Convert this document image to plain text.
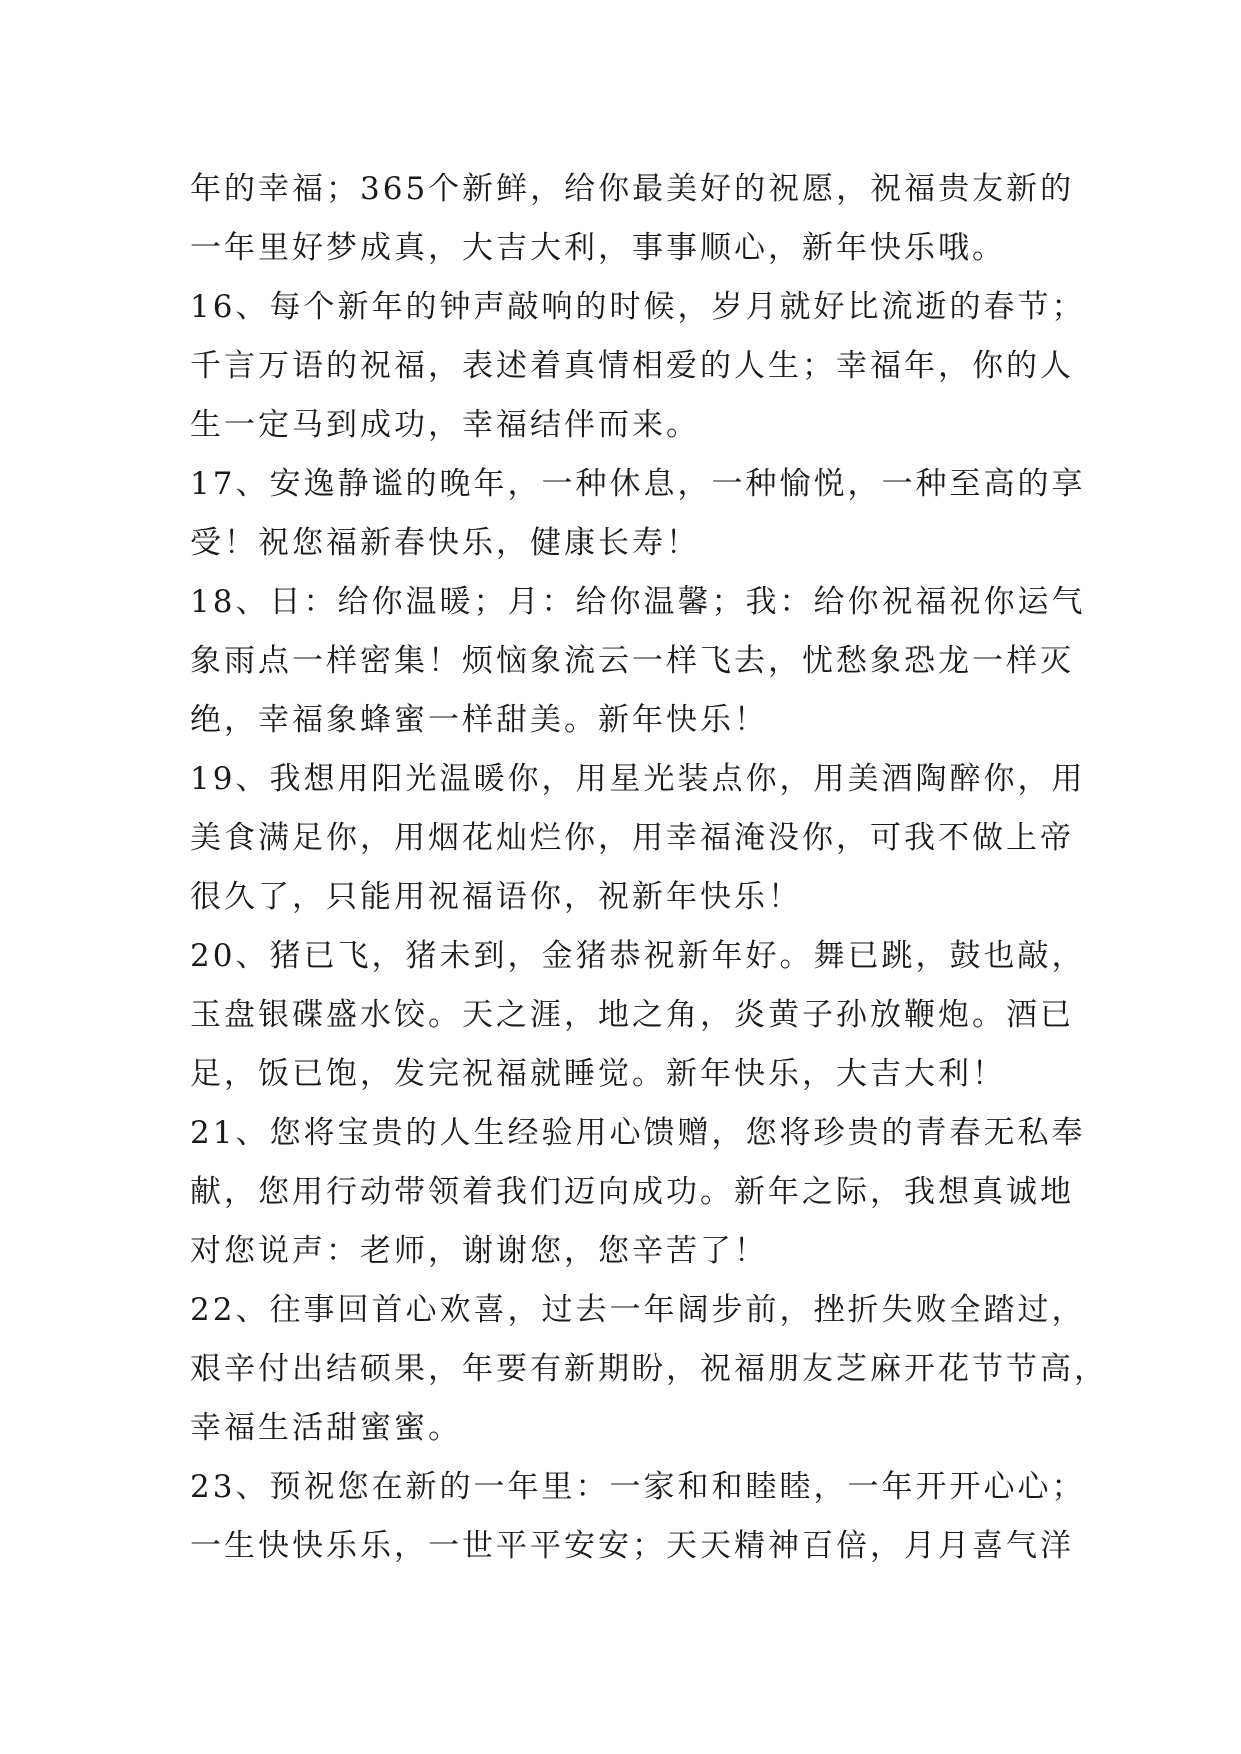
年的幸福；365个新鲜，给你最美好的祝愿，祝福贵友新的
一年里好梦成真，大吉大利，事事顺心，新年快乐哦。
16、每个新年的钟声敲响的时候，岁月就好比流逝的春节；
千言万语的祝福，表述着真情相爱的人生；幸福年，你的人
生一定马到成功，幸福结伴而来。
17、安逸静谧的晚年，一种休息，一种愉悦，一种至高的享
受！祝您福新春快乐，健康长寿！
18、日：给你温暖；月：给你温馨；我：给你祝福祝你运气
象雨点一样密集！烦恼象流云一样飞去，忧愁象恐龙一样灭
绝，幸福象蜂蜜一样甜美。新年快乐！
19、我想用阳光温暖你，用星光装点你，用美酒陶醉你，用
美食满足你，用烟花灿烂你，用幸福淹没你，可我不做上帝
很久了，只能用祝福语你，祝新年快乐！
20、猪已飞，猪未到，金猪恭祝新年好。舞已跳，鼓也敲，
玉盘银碟盛水饺。天之涯，地之角，炎黄子孙放鞭炮。酒已
足，饭已饱，发完祝福就睡觉。新年快乐，大吉大利！
21、您将宝贵的人生经验用心馈赠，您将珍贵的青春无私奉
献，您用行动带领着我们迈向成功。新年之际，我想真诚地
对您说声：老师，谢谢您，您辛苦了！
22、往事回首心欢喜，过去一年阔步前，挫折失败全踏过，
艰辛付出结硕果，年要有新期盼，祝福朋友芝麻开花节节高，
幸福生活甜蜜蜜。
23、预祝您在新的一年里：一家和和睦睦，一年开开心心；
一生快快乐乐，一世平平安安；天天精神百倍，月月喜气洋
